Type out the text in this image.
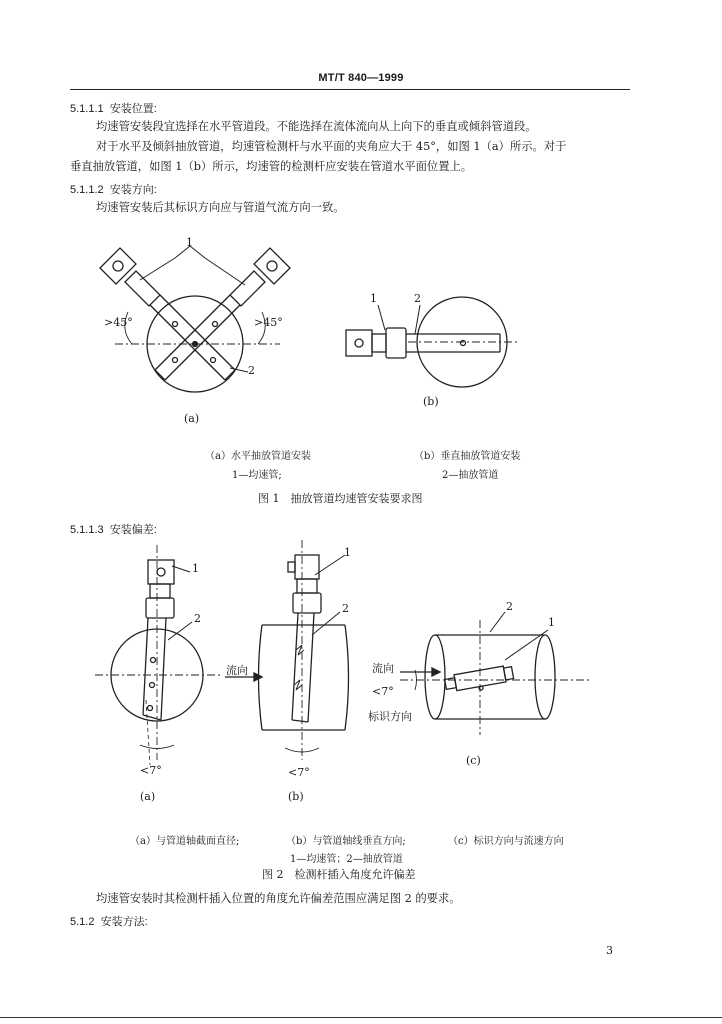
MT/T 840—1999
5.1.1.1 安装位置:
均速管安装段宜选择在水平管道段。不能选择在流体流向从上向下的垂直或倾斜管道段。
对于水平及倾斜抽放管道，均速管检测杆与水平面的夹角应大于 45°，如图 1（a）所示。对于
垂直抽放管道，如图 1（b）所示，均速管的检测杆应安装在管道水平面位置上。
5.1.1.2 安装方向:
均速管安装后其标识方向应与管道气流方向一致。
1
>45°	>45°
2
1	2
(b)
(a)
（a）水平抽放管道安装	（b）垂直抽放管道安装
1—均速管;	2—抽放管道
图 1　抽放管道均速管安装要求图
5.1.1.3 安装偏差:
1
2
<7°
(a)
1
2
流向
<7°
(b)
2
1
流向
<7°
标识方向
(c)
（a）与管道轴截面直径;	（b）与管道轴线垂直方向;	（c）标识方向与流速方向
1—均速管；2—抽放管道
图 2　检测杆插入角度允许偏差
均速管安装时其检测杆插入位置的角度允许偏差范围应满足图 2 的要求。
5.1.2 安装方法:
3
